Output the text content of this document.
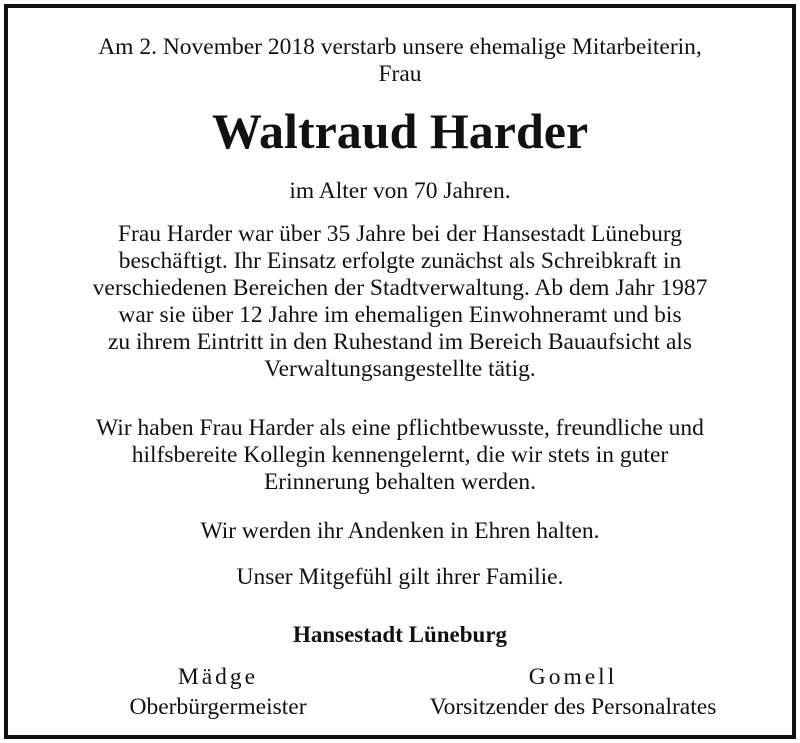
Am 2. November 2018 verstarb unsere ehemalige Mitarbeiterin,
Frau

Waltraud Harder

im Alter von 70 Jahren.

Frau Harder war über 35 Jahre bei der Hansestadt Lüneburg
beschäftigt. Ihr Einsatz erfolgte zunächst als Schreibkraft in
verschiedenen Bereichen der Stadtverwaltung. Ab dem Jahr 1987
war sie über 12 Jahre im ehemaligen Einwohneramt und bis
zu ihrem Eintritt in den Ruhestand im Bereich Bauaufsicht als
Verwaltungsangestellte tätig.

Wir haben Frau Harder als eine pflichtbewusste, freundliche und
hilfsbereite Kollegin kennengelernt, die wir stets in guter
Erinnerung behalten werden.

Wir werden ihr Andenken in Ehren halten.

Unser Mitgefühl gilt ihrer Familie.

Hansestadt Lüneburg

Mädge
Oberbürgermeister
Gomell
Vorsitzender des Personalrates
